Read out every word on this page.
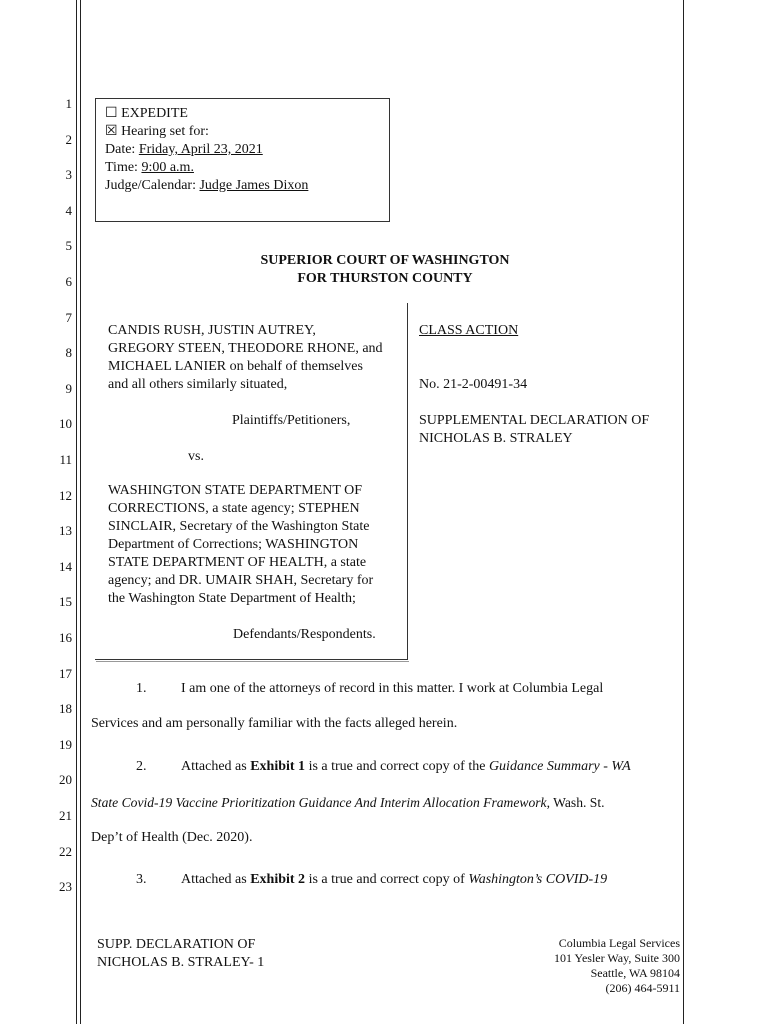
1
2
3
4
5
6
7
8
9
10
11
12
13
14
15
16
17
18
19
20
21
22
23
☐ EXPEDITE
☒ Hearing set for:
Date: Friday, April 23, 2021
Time: 9:00 a.m.
Judge/Calendar: Judge James Dixon
SUPERIOR COURT OF WASHINGTON
FOR THURSTON COUNTY
CANDIS RUSH, JUSTIN AUTREY,
GREGORY STEEN, THEODORE RHONE, and
MICHAEL LANIER on behalf of themselves
and all others similarly situated,
Plaintiffs/Petitioners,
vs.
WASHINGTON STATE DEPARTMENT OF
CORRECTIONS, a state agency; STEPHEN
SINCLAIR, Secretary of the Washington State
Department of Corrections; WASHINGTON
STATE DEPARTMENT OF HEALTH, a state
agency; and DR. UMAIR SHAH, Secretary for
the Washington State Department of Health;
Defendants/Respondents.
CLASS ACTION
No. 21-2-00491-34
SUPPLEMENTAL DECLARATION OF
NICHOLAS B. STRALEY
1. I am one of the attorneys of record in this matter. I work at Columbia Legal
Services and am personally familiar with the facts alleged herein.
2. Attached as Exhibit 1 is a true and correct copy of the Guidance Summary - WA
State Covid-19 Vaccine Prioritization Guidance And Interim Allocation Framework, Wash. St.
Dep’t of Health (Dec. 2020).
3. Attached as Exhibit 2 is a true and correct copy of Washington’s COVID-19
SUPP. DECLARATION OF
NICHOLAS B. STRALEY- 1
Columbia Legal Services
101 Yesler Way, Suite 300
Seattle, WA 98104
(206) 464-5911
